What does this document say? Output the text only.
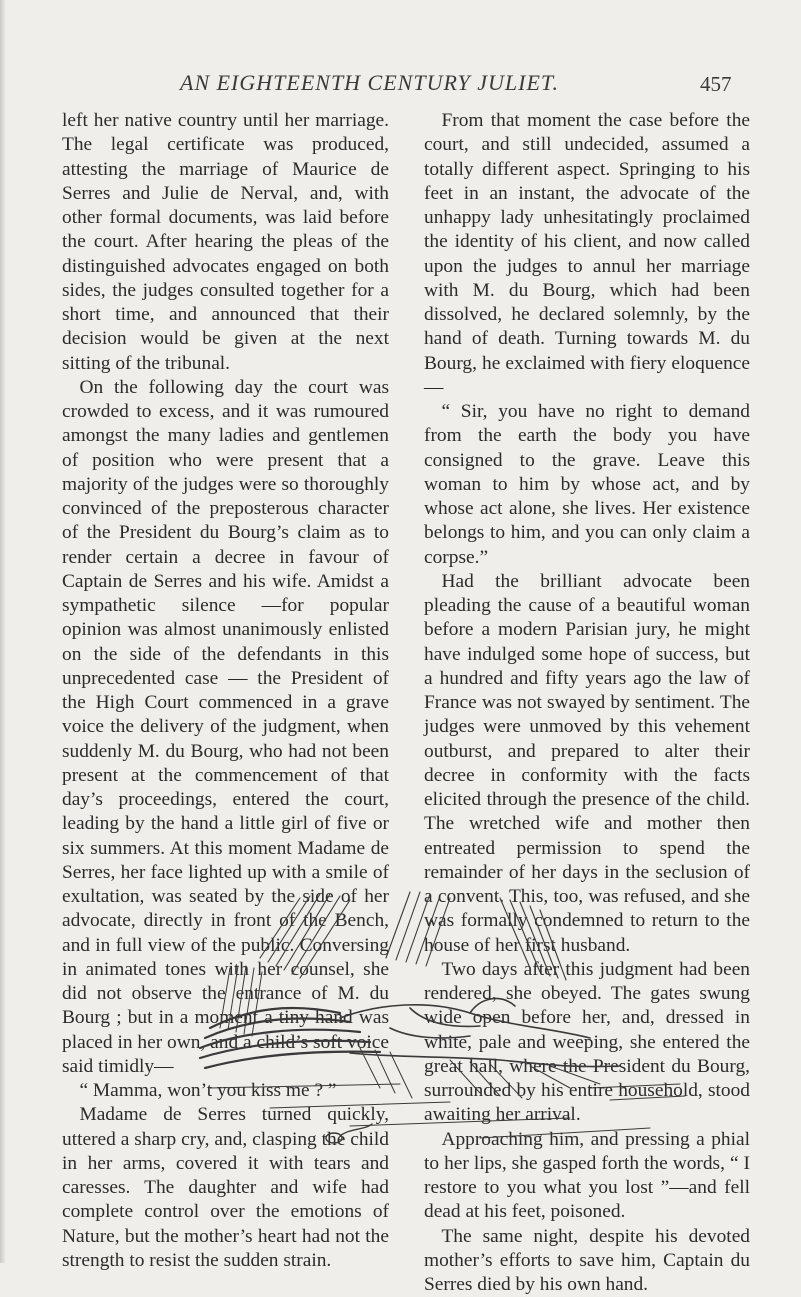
AN EIGHTEENTH CENTURY JULIET.	457

left her native country until her marriage. The legal certificate was produced, attesting the marriage of Maurice de Serres and Julie de Nerval, and, with other formal documents, was laid before the court. After hearing the pleas of the distinguished advocates engaged on both sides, the judges consulted together for a short time, and announced that their decision would be given at the next sitting of the tribunal.

On the following day the court was crowded to excess, and it was rumoured amongst the many ladies and gentlemen of position who were present that a majority of the judges were so thoroughly convinced of the preposterous character of the President du Bourg’s claim as to render certain a decree in favour of Captain de Serres and his wife. Amidst a sympathetic silence —for popular opinion was almost unanimously enlisted on the side of the defendants in this unprecedented case — the President of the High Court commenced in a grave voice the delivery of the judgment, when suddenly M. du Bourg, who had not been present at the commencement of that day’s proceedings, entered the court, leading by the hand a little girl of five or six summers. At this moment Madame de Serres, her face lighted up with a smile of exultation, was seated by the side of her advocate, directly in front of the Bench, and in full view of the public. Conversing in animated tones with her counsel, she did not observe the entrance of M. du Bourg ; but in a moment a tiny hand was placed in her own, and a child’s soft voice said timidly—

“ Mamma, won’t you kiss me ? ”

Madame de Serres turned quickly, uttered a sharp cry, and, clasping the child in her arms, covered it with tears and caresses. The daughter and wife had complete control over the emotions of Nature, but the mother’s heart had not the strength to resist the sudden strain.

From that moment the case before the court, and still undecided, assumed a totally different aspect. Springing to his feet in an instant, the advocate of the unhappy lady unhesitatingly proclaimed the identity of his client, and now called upon the judges to annul her marriage with M. du Bourg, which had been dissolved, he declared solemnly, by the hand of death. Turning towards M. du Bourg, he exclaimed with fiery eloquence—

“ Sir, you have no right to demand from the earth the body you have consigned to the grave. Leave this woman to him by whose act, and by whose act alone, she lives. Her existence belongs to him, and you can only claim a corpse.”

Had the brilliant advocate been pleading the cause of a beautiful woman before a modern Parisian jury, he might have indulged some hope of success, but a hundred and fifty years ago the law of France was not swayed by sentiment. The judges were unmoved by this vehement outburst, and prepared to alter their decree in conformity with the facts elicited through the presence of the child. The wretched wife and mother then entreated permission to spend the remainder of her days in the seclusion of a convent. This, too, was refused, and she was formally condemned to return to the house of her first husband.

Two days after this judgment had been rendered, she obeyed. The gates swung wide open before her, and, dressed in white, pale and weeping, she entered the great hall, where the President du Bourg, surrounded by his entire household, stood awaiting her arrival.

Approaching him, and pressing a phial to her lips, she gasped forth the words, “ I restore to you what you lost ”—and fell dead at his feet, poisoned.

The same night, despite his devoted mother’s efforts to save him, Captain du Serres died by his own hand.
